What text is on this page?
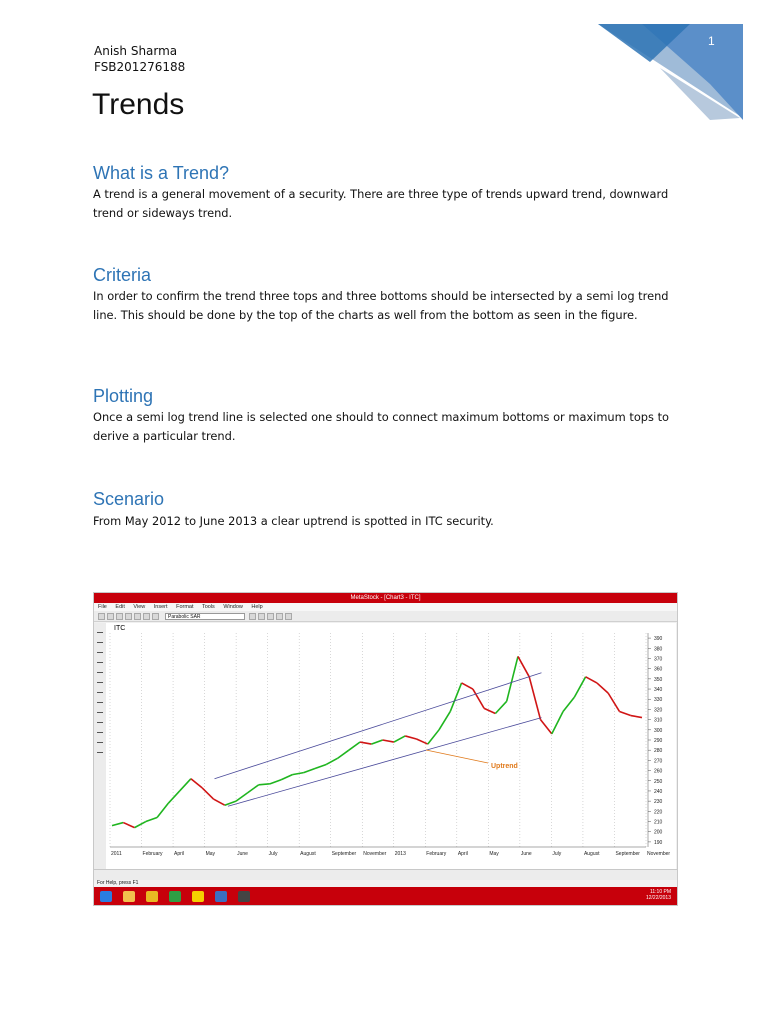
1
Anish Sharma
FSB201276188
Trends
What is a Trend?

A trend is a general movement of a security. There are three type of trends upward trend, downward trend or sideways trend.

Criteria

In order to confirm the trend three tops and three bottoms should be intersected by a semi log trend line. This should be done by the top of the charts as well from the bottom as seen in the figure.

Plotting

Once a semi log trend line is selected one should to connect maximum bottoms or maximum tops to derive a particular trend.

Scenario

From May 2012 to June 2013 a clear uptrend is spotted in ITC security.

MetaStock - [Chart3 - ITC]
File Edit View Insert Format Tools Window Help
Parabolic SAR
190
200
210
220
230
240
250
260
270
280
290
300
310
320
330
340
350
360
370
380
390
2011	February April	May	June	July	August	September November 2013	February April	May	June	July	August	September November
ITC
Uptrend
For Help, press F1
11:10 PM
12/22/2013
